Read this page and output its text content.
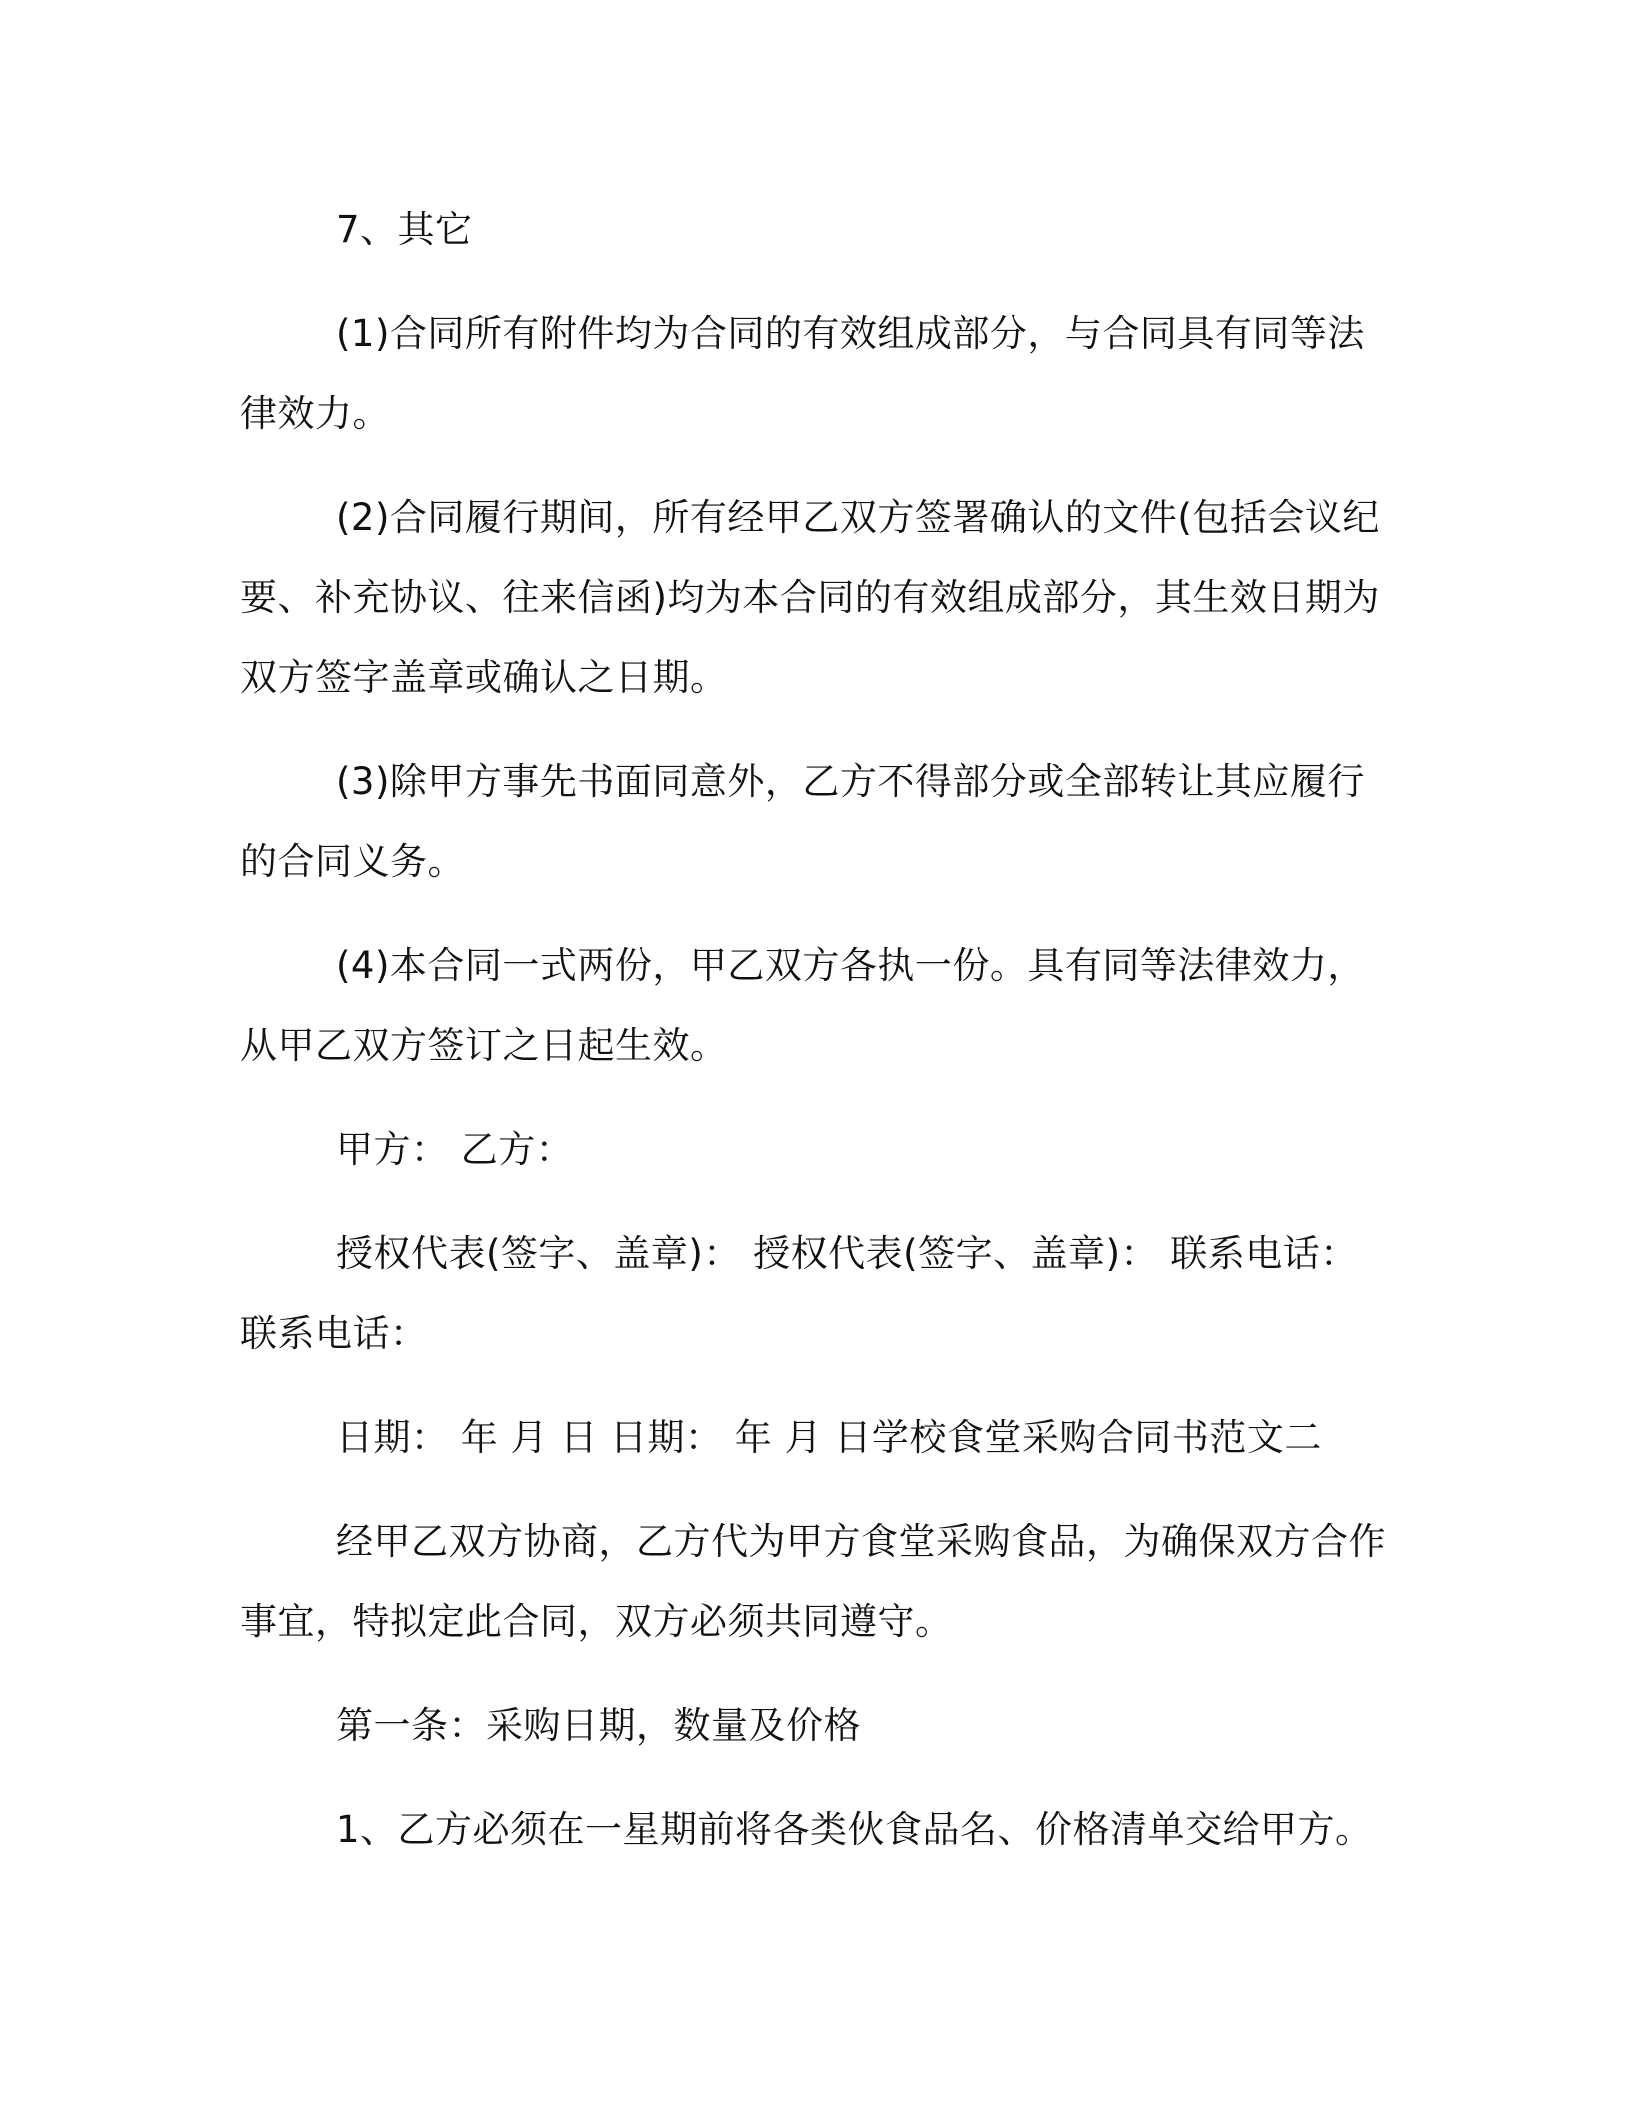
7、其它

(1)合同所有附件均为合同的有效组成部分，与合同具有同等法律效力。

(2)合同履行期间，所有经甲乙双方签署确认的文件(包括会议纪要、补充协议、往来信函)均为本合同的有效组成部分，其生效日期为双方签字盖章或确认之日期。

(3)除甲方事先书面同意外，乙方不得部分或全部转让其应履行的合同义务。

(4)本合同一式两份，甲乙双方各执一份。具有同等法律效力，从甲乙双方签订之日起生效。

甲方： 乙方：

授权代表(签字、盖章)： 授权代表(签字、盖章)： 联系电话： 联系电话：

日期： 年 月 日 日期： 年 月 日学校食堂采购合同书范文二

经甲乙双方协商，乙方代为甲方食堂采购食品，为确保双方合作事宜，特拟定此合同，双方必须共同遵守。

第一条：采购日期，数量及价格

1、乙方必须在一星期前将各类伙食品名、价格清单交给甲方。
